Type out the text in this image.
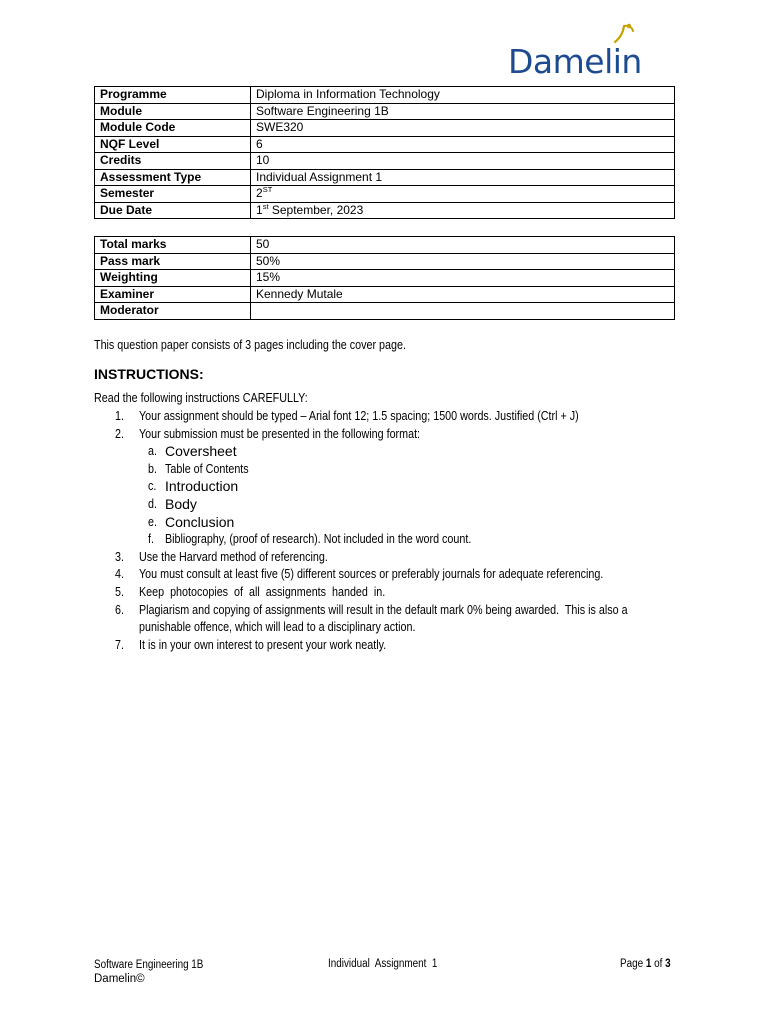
Damelin
Programme	Diploma in Information Technology
Module	Software Engineering 1B
Module Code	SWE320
NQF Level	6
Credits	10
Assessment Type	Individual Assignment 1
Semester	2ST
Due Date	1st September, 2023
Total marks	50
Pass mark	50%
Weighting	15%
Examiner	Kennedy Mutale
Moderator	
This question paper consists of 3 pages including the cover page.
INSTRUCTIONS:
Read the following instructions CAREFULLY:
1. Your assignment should be typed – Arial font 12; 1.5 spacing; 1500 words. Justified (Ctrl + J)
2. Your submission must be presented in the following format:
a. Coversheet
b. Table of Contents
c. Introduction
d. Body
e. Conclusion
f. Bibliography, (proof of research). Not included in the word count.
3. Use the Harvard method of referencing.
4. You must consult at least five (5) different sources or preferably journals for adequate referencing.
5. Keep  photocopies  of  all  assignments  handed  in.
6. Plagiarism and copying of assignments will result in the default mark 0% being awarded.  This is also a
punishable offence, which will lead to a disciplinary action.
7. It is in your own interest to present your work neatly.
Software Engineering 1B
Damelin©
Individual  Assignment  1	Page 1 of 3
